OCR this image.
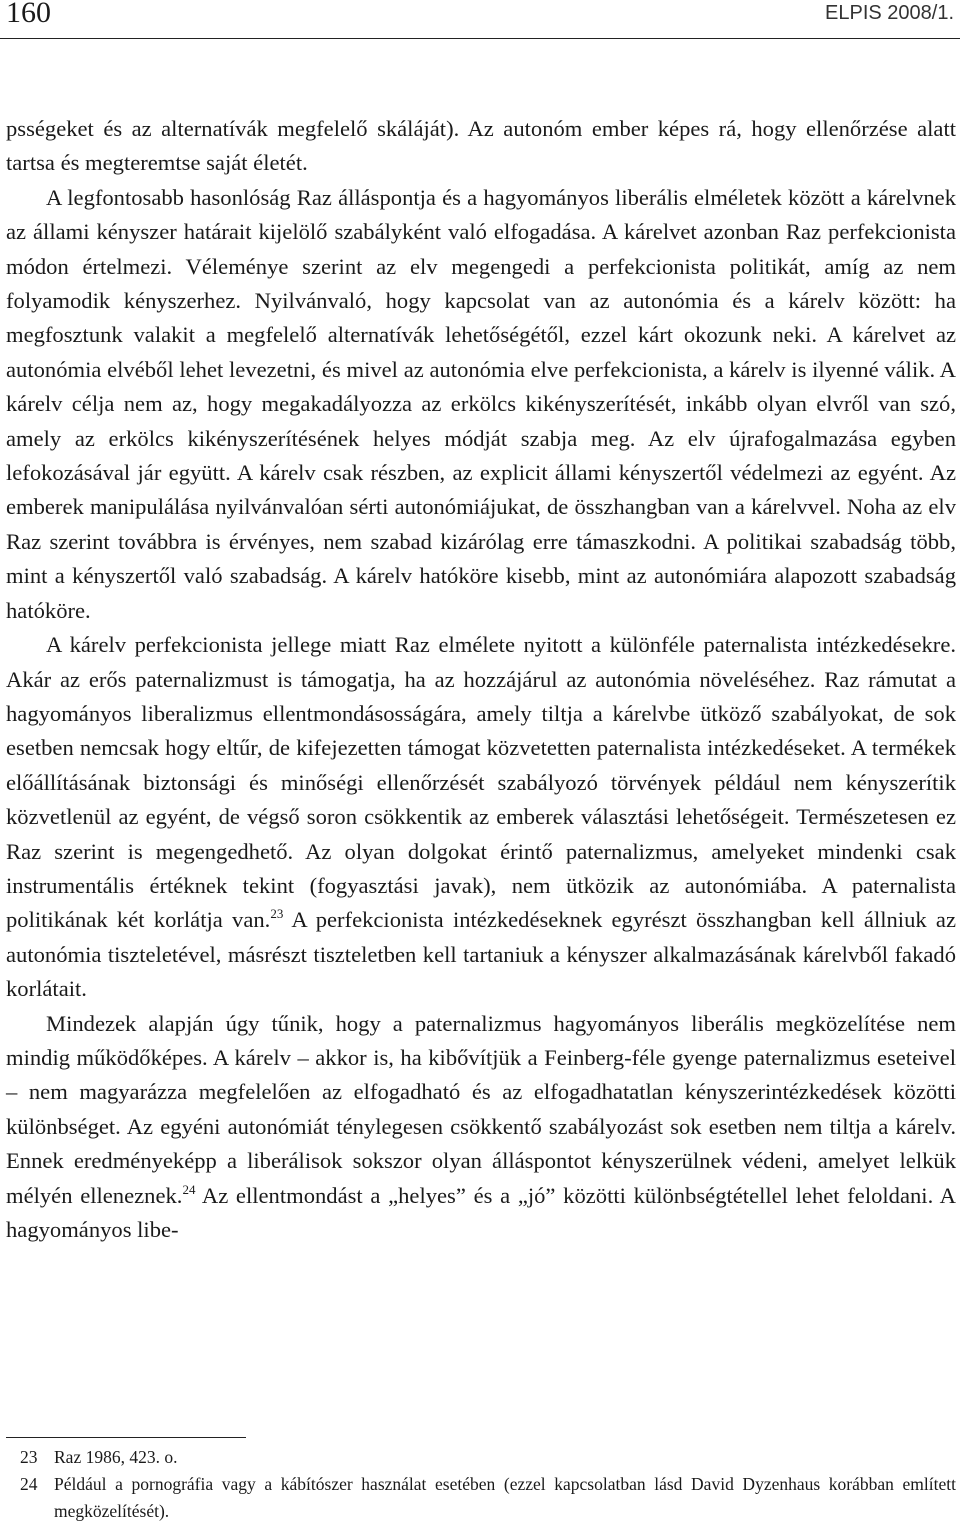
160	ELPIS 2008/1.

psségeket és az alternatívák megfelelő skáláját). Az autonóm ember képes rá, hogy ellenőrzése alatt tartsa és megteremtse saját életét.

A legfontosabb hasonlóság Raz álláspontja és a hagyományos liberális elméletek között a kárelvnek az állami kényszer határait kijelölő szabályként való elfogadása. A kárelvet azonban Raz perfekcionista módon értelmezi. Véleménye szerint az elv megengedi a perfekcionista politikát, amíg az nem folyamodik kényszerhez. Nyilvánvaló, hogy kapcsolat van az autonómia és a kárelv között: ha megfosztunk valakit a megfelelő alternatívák lehetőségétől, ezzel kárt okozunk neki. A kárelvet az autonómia elvéből lehet levezetni, és mivel az autonómia elve perfekcionista, a kárelv is ilyenné válik. A kárelv célja nem az, hogy megakadályozza az erkölcs kikényszerítését, inkább olyan elvről van szó, amely az erkölcs kikényszerítésének helyes módját szabja meg. Az elv újrafogalmazása egyben lefokozásával jár együtt. A kárelv csak részben, az explicit állami kényszertől védelmezi az egyént. Az emberek manipulálása nyilvánvalóan sérti autonómiájukat, de összhangban van a kárelvvel. Noha az elv Raz szerint továbbra is érvényes, nem szabad kizárólag erre támaszkodni. A politikai szabadság több, mint a kényszertől való szabadság. A kárelv hatóköre kisebb, mint az autonómiára alapozott szabadság hatóköre.

A kárelv perfekcionista jellege miatt Raz elmélete nyitott a különféle paternalista intézkedésekre. Akár az erős paternalizmust is támogatja, ha az hozzájárul az autonómia növeléséhez. Raz rámutat a hagyományos liberalizmus ellentmondásosságára, amely tiltja a kárelvbe ütköző szabályokat, de sok esetben nemcsak hogy eltűr, de kifejezetten támogat közvetetten paternalista intézkedéseket. A termékek előállításának biztonsági és minőségi ellenőrzését szabályozó törvények például nem kényszerítik közvetlenül az egyént, de végső soron csökkentik az emberek választási lehetőségeit. Természetesen ez Raz szerint is megengedhető. Az olyan dolgokat érintő paternalizmus, amelyeket mindenki csak instrumentális értéknek tekint (fogyasztási javak), nem ütközik az autonómiába. A paternalista politikának két korlátja van.$^{23}$ A perfekcionista intézkedéseknek egyrészt összhangban kell állniuk az autonómia tiszteletével, másrészt tiszteletben kell tartaniuk a kényszer alkalmazásának kárelvből fakadó korlátait.

Mindezek alapján úgy tűnik, hogy a paternalizmus hagyományos liberális megközelítése nem mindig működőképes. A kárelv – akkor is, ha kibővítjük a Feinberg-féle gyenge paternalizmus eseteivel – nem magyarázza megfelelően az elfogadható és az elfogadhatatlan kényszerintézkedések közötti különbséget. Az egyéni autonómiát ténylegesen csökkentő szabályozást sok esetben nem tiltja a kárelv. Ennek eredményeképp a liberálisok sokszor olyan álláspontot kényszerülnek védeni, amelyet lelkük mélyén elleneznek.$^{24}$ Az ellentmondást a „helyes” és a „jó” közötti különbségtétellel lehet feloldani. A hagyományos libe-

23 Raz 1986, 423. o.
24 Például a pornográfia vagy a kábítószer használat esetében (ezzel kapcsolatban lásd David Dyzenhaus korábban említett megközelítését).
